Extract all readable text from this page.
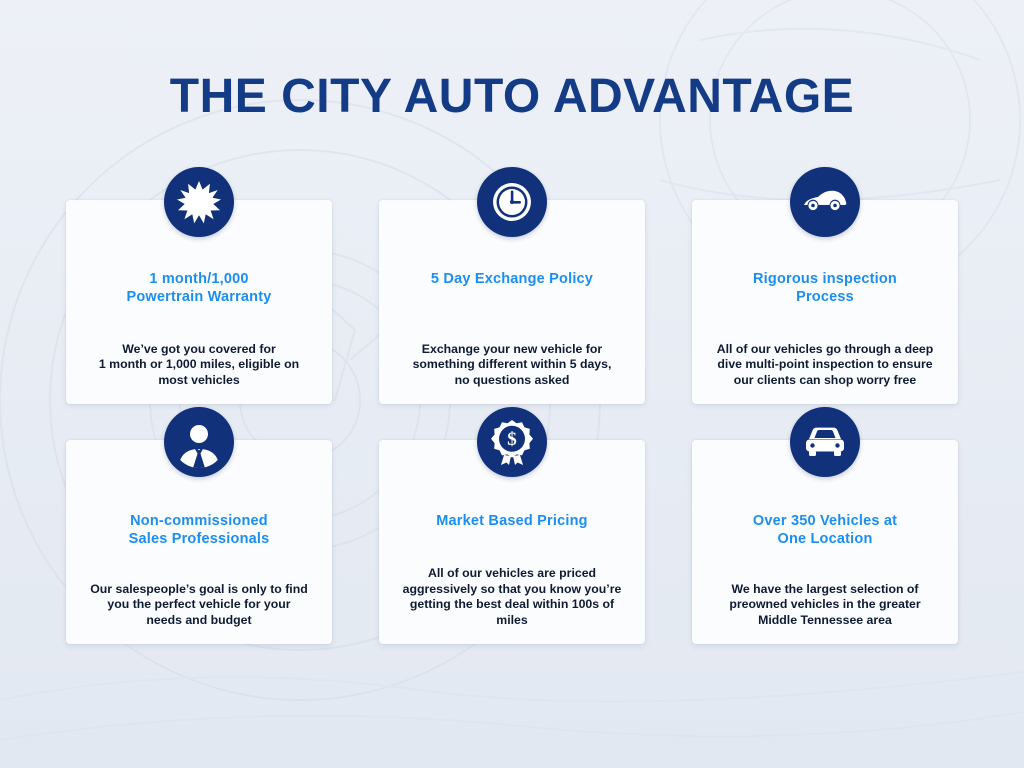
THE CITY AUTO ADVANTAGE
1 month/1,000
Powertrain Warranty
We’ve got you covered for
1 month or 1,000 miles, eligible on
most vehicles
5 Day Exchange Policy
Exchange your new vehicle for
something different within 5 days,
no questions asked
Rigorous inspection
Process
All of our vehicles go through a deep
dive multi-point inspection to ensure
our clients can shop worry free
Non-commissioned
Sales Professionals
Our salespeople’s goal is only to find
you the perfect vehicle for your
needs and budget
$
Market Based Pricing
All of our vehicles are priced
aggressively so that you know you’re
getting the best deal within 100s of miles
Over 350 Vehicles at
One Location
We have the largest selection of
preowned vehicles in the greater
Middle Tennessee area
